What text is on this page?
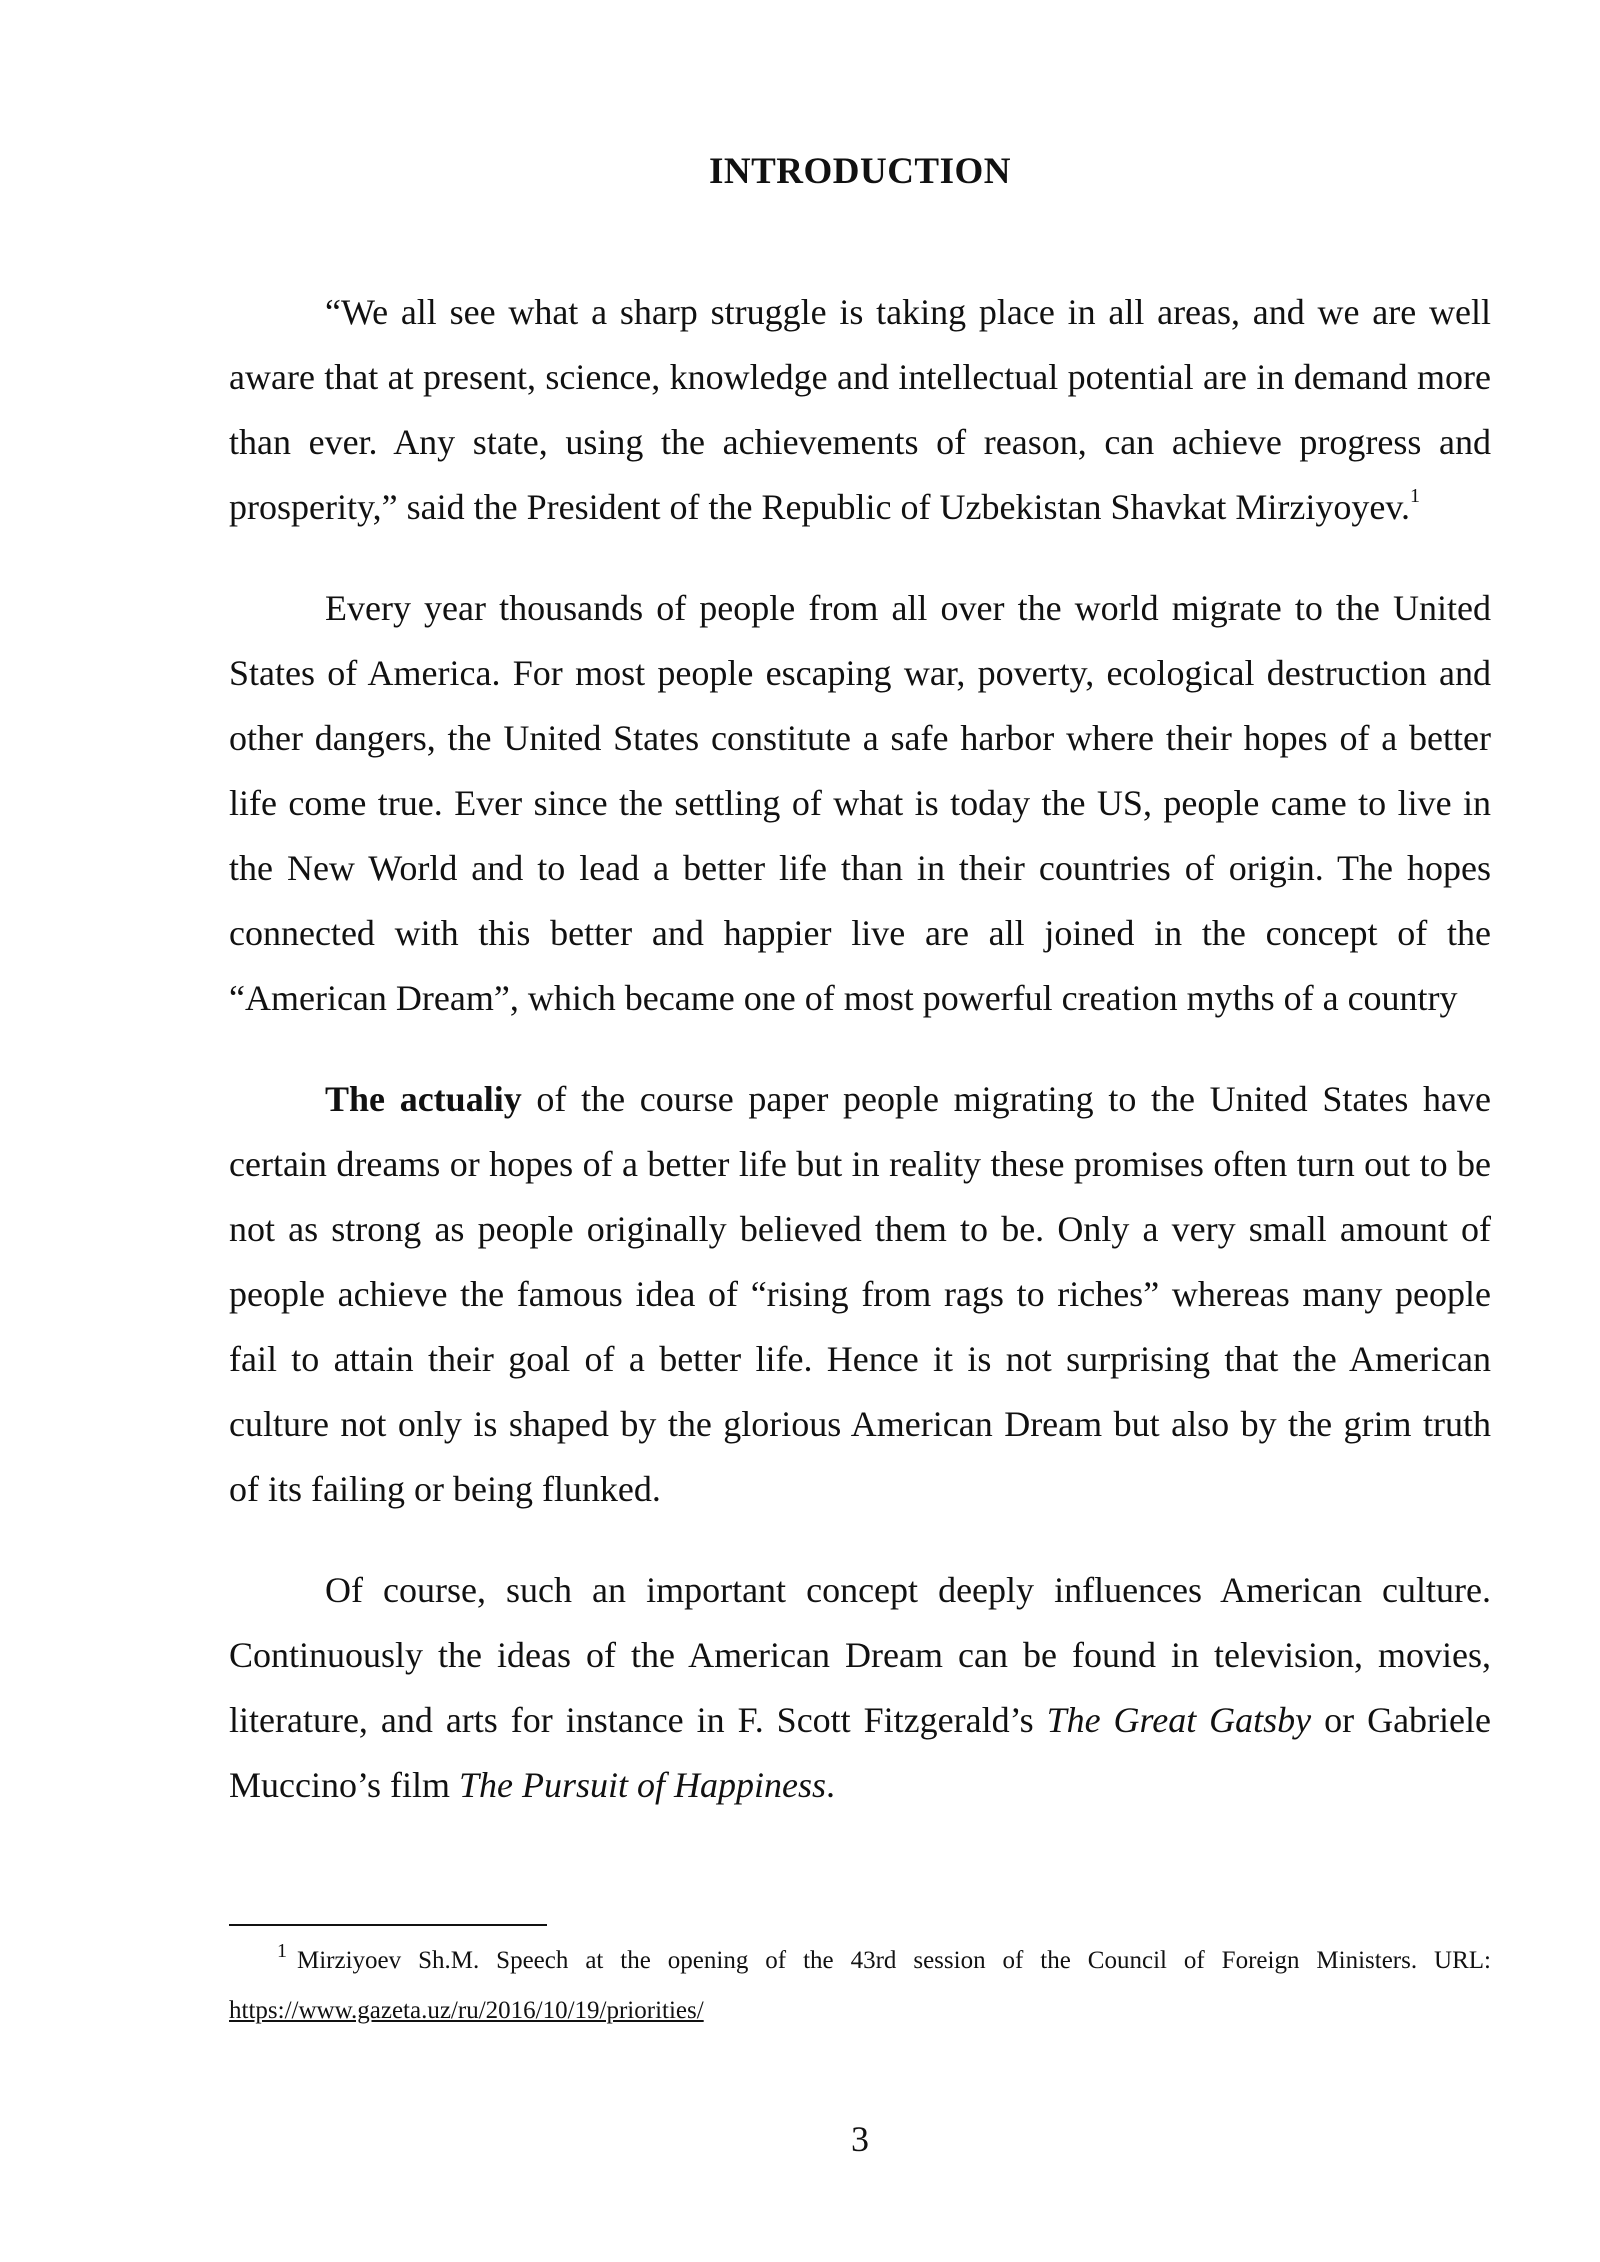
INTRODUCTION

“We all see what a sharp struggle is taking place in all areas, and we are well aware that at present, science, knowledge and intellectual potential are in demand more than ever. Any state, using the achievements of reason, can achieve progress and prosperity,” said the President of the Republic of Uzbekistan Shavkat Mirziyoyev.$^1$

Every year thousands of people from all over the world migrate to the United States of America. For most people escaping war, poverty, ecological destruction and other dangers, the United States constitute a safe harbor where their hopes of a better life come true. Ever since the settling of what is today the US, people came to live in the New World and to lead a better life than in their countries of origin. The hopes connected with this better and happier live are all joined in the concept of the “American Dream”, which became one of most powerful creation myths of a country

The actualiy of the course paper people migrating to the United States have certain dreams or hopes of a better life but in reality these promises often turn out to be not as strong as people originally believed them to be. Only a very small amount of people achieve the famous idea of “rising from rags to riches” whereas many people fail to attain their goal of a better life. Hence it is not surprising that the American culture not only is shaped by the glorious American Dream but also by the grim truth of its failing or being flunked.

Of course, such an important concept deeply influences American culture. Continuously the ideas of the American Dream can be found in television, movies, literature, and arts for instance in F. Scott Fitzgerald’s The Great Gatsby or Gabriele Muccino’s film The Pursuit of Happiness.

$^1$ Mirziyoev Sh.M. Speech at the opening of the 43rd session of the Council of Foreign Ministers. URL: https://www.gazeta.uz/ru/2016/10/19/priorities/

3
